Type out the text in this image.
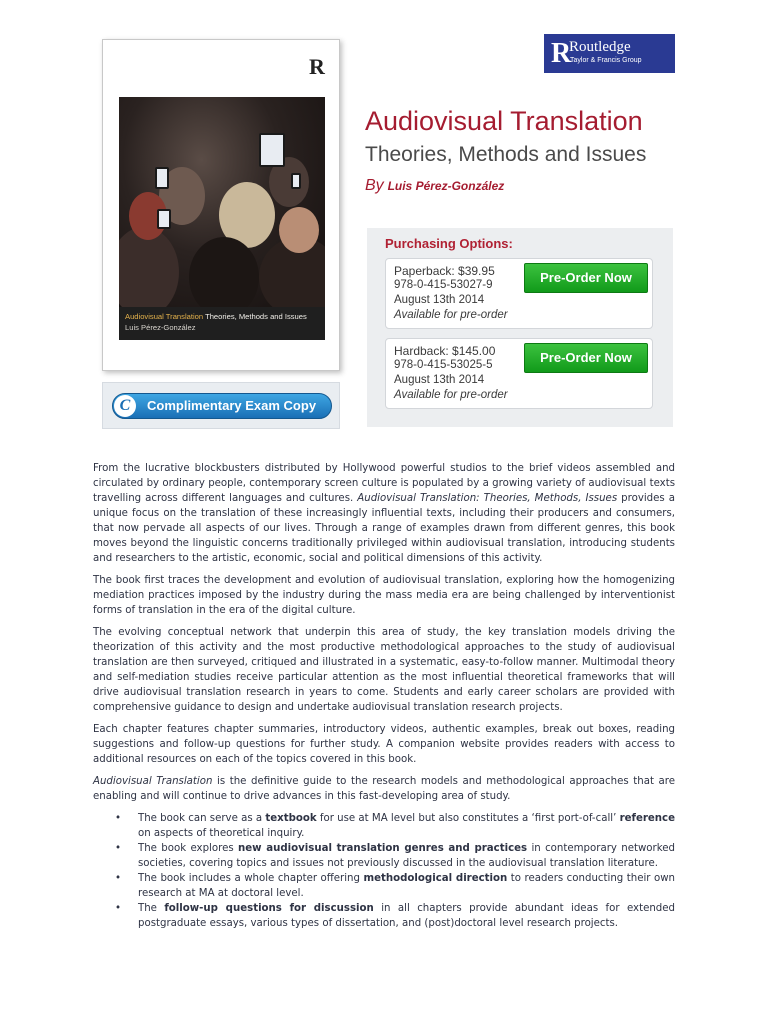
R
Audiovisual Translation Theories, Methods and Issues
Luis Pérez-González
C	Complimentary Exam Copy
R
Routledge
Taylor & Francis Group
Audiovisual Translation
Theories, Methods and Issues
By Luis Pérez-González
Purchasing Options:
Paperback: $39.95
978-0-415-53027-9
August 13th 2014
Available for pre-order
Pre-Order Now
Hardback: $145.00
978-0-415-53025-5
August 13th 2014
Available for pre-order
Pre-Order Now

From the lucrative blockbusters distributed by Hollywood powerful studios to the brief videos assembled and circulated by ordinary people, contemporary screen culture is populated by a growing variety of audiovisual texts travelling across different languages and cultures. Audiovisual Translation: Theories, Methods, Issues provides a unique focus on the translation of these increasingly influential texts, including their producers and consumers, that now pervade all aspects of our lives. Through a range of examples drawn from different genres, this book moves beyond the linguistic concerns traditionally privileged within audiovisual translation, introducing students and researchers to the artistic, economic, social and political dimensions of this activity.

The book first traces the development and evolution of audiovisual translation, exploring how the homogenizing mediation practices imposed by the industry during the mass media era are being challenged by interventionist forms of translation in the era of the digital culture.

The evolving conceptual network that underpin this area of study, the key translation models driving the theorization of this activity and the most productive methodological approaches to the study of audiovisual translation are then surveyed, critiqued and illustrated in a systematic, easy-to-follow manner. Multimodal theory and self-mediation studies receive particular attention as the most influential theoretical frameworks that will drive audiovisual translation research in years to come. Students and early career scholars are provided with comprehensive guidance to design and undertake audiovisual translation research projects.

Each chapter features chapter summaries, introductory videos, authentic examples, break out boxes, reading suggestions and follow-up questions for further study. A companion website provides readers with access to additional resources on each of the topics covered in this book.

Audiovisual Translation is the definitive guide to the research models and methodological approaches that are enabling and will continue to drive advances in this fast-developing area of study.

• The book can serve as a textbook for use at MA level but also constitutes a ‘first port-of-call’ reference on aspects of theoretical inquiry.
• The book explores new audiovisual translation genres and practices in contemporary networked societies, covering topics and issues not previously discussed in the audiovisual translation literature.
• The book includes a whole chapter offering methodological direction to readers conducting their own research at MA at doctoral level.
• The follow-up questions for discussion in all chapters provide abundant ideas for extended postgraduate essays, various types of dissertation, and (post)doctoral level research projects.
